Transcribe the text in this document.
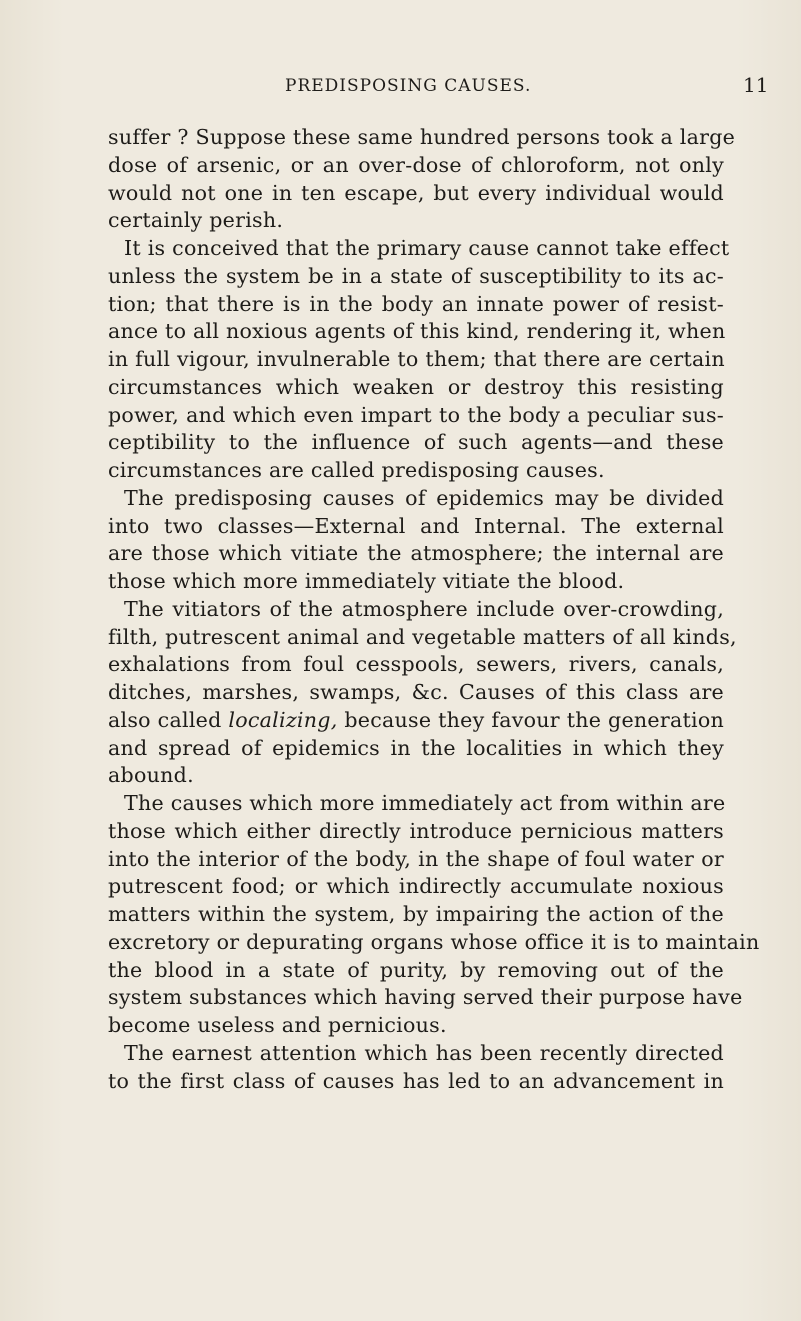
PREDISPOSING CAUSES.	11
suffer ? Suppose these same hundred persons took a large
dose of arsenic, or an over-dose of chloroform, not only
would not one in ten escape, but every individual would
certainly perish.
It is conceived that the primary cause cannot take effect
unless the system be in a state of susceptibility to its ac-
tion; that there is in the body an innate power of resist-
ance to all noxious agents of this kind, rendering it, when
in full vigour, invulnerable to them; that there are certain
circumstances which weaken or destroy this resisting
power, and which even impart to the body a peculiar sus-
ceptibility to the influence of such agents—and these
circumstances are called predisposing causes.
The predisposing causes of epidemics may be divided
into two classes—External and Internal. The external
are those which vitiate the atmosphere; the internal are
those which more immediately vitiate the blood.
The vitiators of the atmosphere include over-crowding,
filth, putrescent animal and vegetable matters of all kinds,
exhalations from foul cesspools, sewers, rivers, canals,
ditches, marshes, swamps, &c. Causes of this class are
also called localizing, because they favour the generation
and spread of epidemics in the localities in which they
abound.
The causes which more immediately act from within are
those which either directly introduce pernicious matters
into the interior of the body, in the shape of foul water or
putrescent food; or which indirectly accumulate noxious
matters within the system, by impairing the action of the
excretory or depurating organs whose office it is to maintain
the blood in a state of purity, by removing out of the
system substances which having served their purpose have
become useless and pernicious.
The earnest attention which has been recently directed
to the first class of causes has led to an advancement in
